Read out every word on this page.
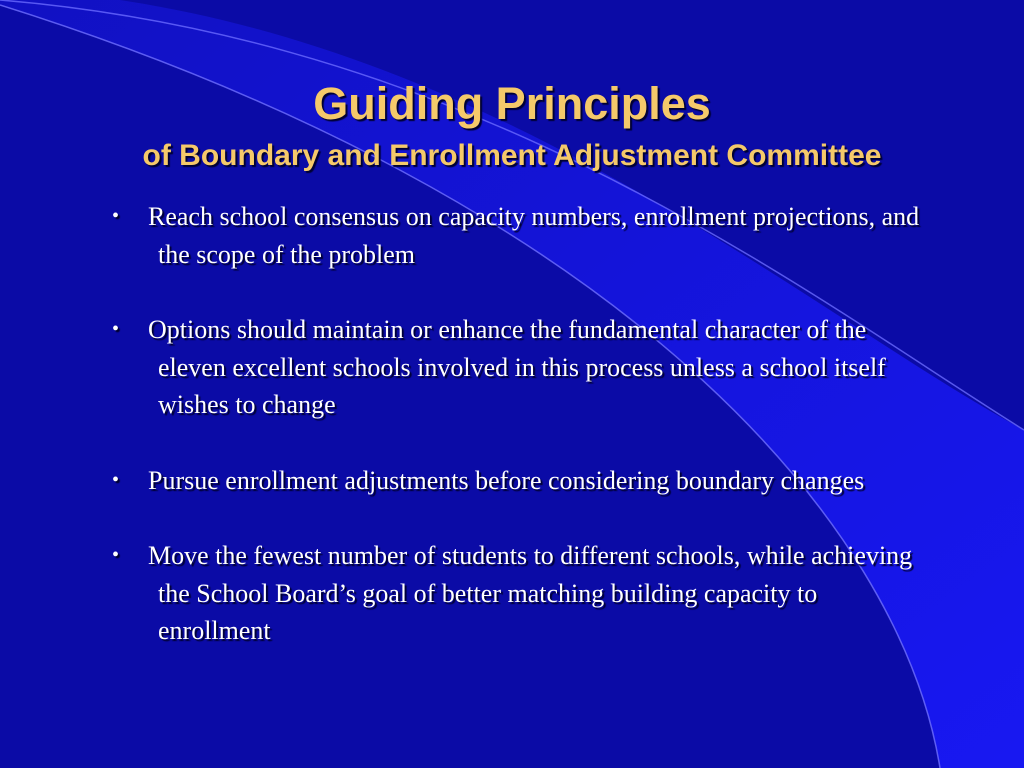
Guiding Principles
of Boundary and Enrollment Adjustment Committee
• Reach school consensus on capacity numbers, enrollment projections, and the scope of the problem
• Options should maintain or enhance the fundamental character of the eleven excellent schools involved in this process unless a school itself wishes to change
• Pursue enrollment adjustments before considering boundary changes
• Move the fewest number of students to different schools, while achieving the School Board’s goal of better matching building capacity to enrollment
